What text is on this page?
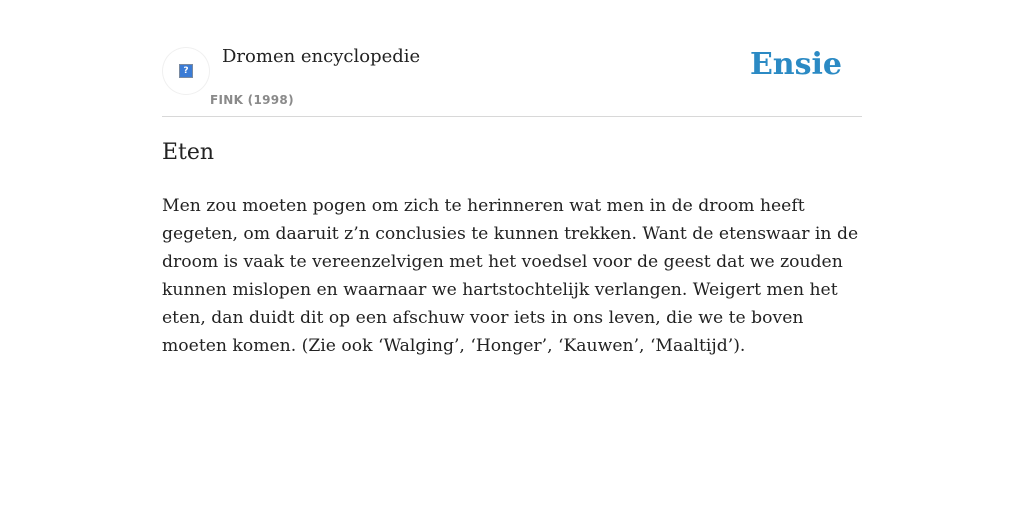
?
Dromen encyclopedie
FINK (1998)
Ensie
Eten

Men zou moeten pogen om zich te herinneren wat men in de droom heeft gegeten, om daaruit z’n conclusies te kunnen trekken. Want de etenswaar in de droom is vaak te vereenzelvigen met het voedsel voor de geest dat we zouden kunnen mislopen en waarnaar we hartstochtelijk verlangen. Weigert men het eten, dan duidt dit op een afschuw voor iets in ons leven, die we te boven moeten komen. (Zie ook ‘Walging’, ‘Honger’, ‘Kauwen’, ‘Maaltijd’).
